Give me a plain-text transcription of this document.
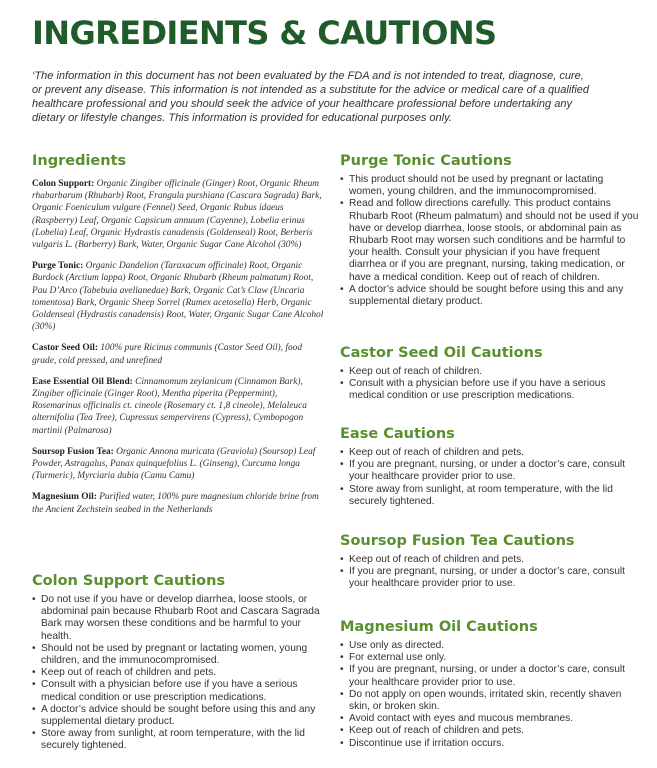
INGREDIENTS & CAUTIONS

‘The information in this document has not been evaluated by the FDA and is not intended to treat, diagnose, cure, or prevent any disease. This information is not intended as a substitute for the advice or medical care of a qualified healthcare professional and you should seek the advice of your healthcare professional before undertaking any dietary or lifestyle changes. This information is provided for educational purposes only.

Ingredients

Colon Support: Organic Zingiber officinale (Ginger) Root, Organic Rheum rhabarbarum (Rhubarb) Root, Frangula purshiana (Cascara Sagrada) Bark, Organic Foeniculum vulgare (Fennel) Seed, Organic Rubus idaeus (Raspberry) Leaf, Organic Capsicum annuum (Cayenne), Lobelia erinus (Lobelia) Leaf, Organic Hydrastis canadensis (Goldenseal) Root, Berberis vulgaris L. (Barberry) Bark, Water, Organic Sugar Cane Alcohol (30%)

Purge Tonic: Organic Dandelion (Taraxacum officinale) Root, Organic Burdock (Arctium lappa) Root, Organic Rhubarb (Rheum palmatum) Root, Pau D’Arco (Tabebuia avellanedae) Bark, Organic Cat’s Claw (Uncaria tomentosa) Bark, Organic Sheep Sorrel (Rumex acetosella) Herb, Organic Goldenseal (Hydrastis canadensis) Root, Water, Organic Sugar Cane Alcohol (30%)

Castor Seed Oil: 100% pure Ricinus communis (Castor Seed Oil), food grade, cold pressed, and unrefined

Ease Essential Oil Blend: Cinnamomum zeylanicum (Cinnamon Bark), Zingiber officinale (Ginger Root), Mentha piperita (Peppermint), Rosemarinus officinalis ct. cineole (Rosemary ct. 1,8 cineole), Melaleuca alternifolia (Tea Tree), Cupressus sempervirens (Cypress), Cymbopogon martinii (Palmarosa)

Soursop Fusion Tea: Organic Annona muricata (Graviola) (Soursop) Leaf Powder, Astragalus, Panax quinquefolius L. (Ginseng), Curcuma longa (Turmeric), Myrciaria dubia (Camu Camu)

Magnesium Oil: Purified water, 100% pure magnesium chloride brine from the Ancient Zechstein seabed in the Netherlands

Colon Support Cautions
• Do not use if you have or develop diarrhea, loose stools, or abdominal pain because Rhubarb Root and Cascara Sagrada Bark may worsen these conditions and be harmful to your health.
• Should not be used by pregnant or lactating women, young children, and the immunocompromised.
• Keep out of reach of children and pets.
• Consult with a physician before use if you have a serious medical condition or use prescription medications.
• A doctor’s advice should be sought before using this and any supplemental dietary product.
• Store away from sunlight, at room temperature, with the lid securely tightened.
Purge Tonic Cautions
• This product should not be used by pregnant or lactating women, young children, and the immunocompromised.
• Read and follow directions carefully. This product contains Rhubarb Root (Rheum palmatum) and should not be used if you have or develop diarrhea, loose stools, or abdominal pain as Rhubarb Root may worsen such conditions and be harmful to your health. Consult your physician if you have frequent diarrhea or if you are pregnant, nursing, taking medication, or have a medical condition. Keep out of reach of children.
• A doctor’s advice should be sought before using this and any supplemental dietary product.
Castor Seed Oil Cautions
• Keep out of reach of children.
• Consult with a physician before use if you have a serious medical condition or use prescription medications.
Ease Cautions
• Keep out of reach of children and pets.
• If you are pregnant, nursing, or under a doctor’s care, consult your healthcare provider prior to use.
• Store away from sunlight, at room temperature, with the lid securely tightened.
Soursop Fusion Tea Cautions
• Keep out of reach of children and pets.
• If you are pregnant, nursing, or under a doctor’s care, consult your healthcare provider prior to use.
Magnesium Oil Cautions
• Use only as directed.
• For external use only.
• If you are pregnant, nursing, or under a doctor’s care, consult your healthcare provider prior to use.
• Do not apply on open wounds, irritated skin, recently shaven skin, or broken skin.
• Avoid contact with eyes and mucous membranes.
• Keep out of reach of children and pets.
• Discontinue use if irritation occurs.
